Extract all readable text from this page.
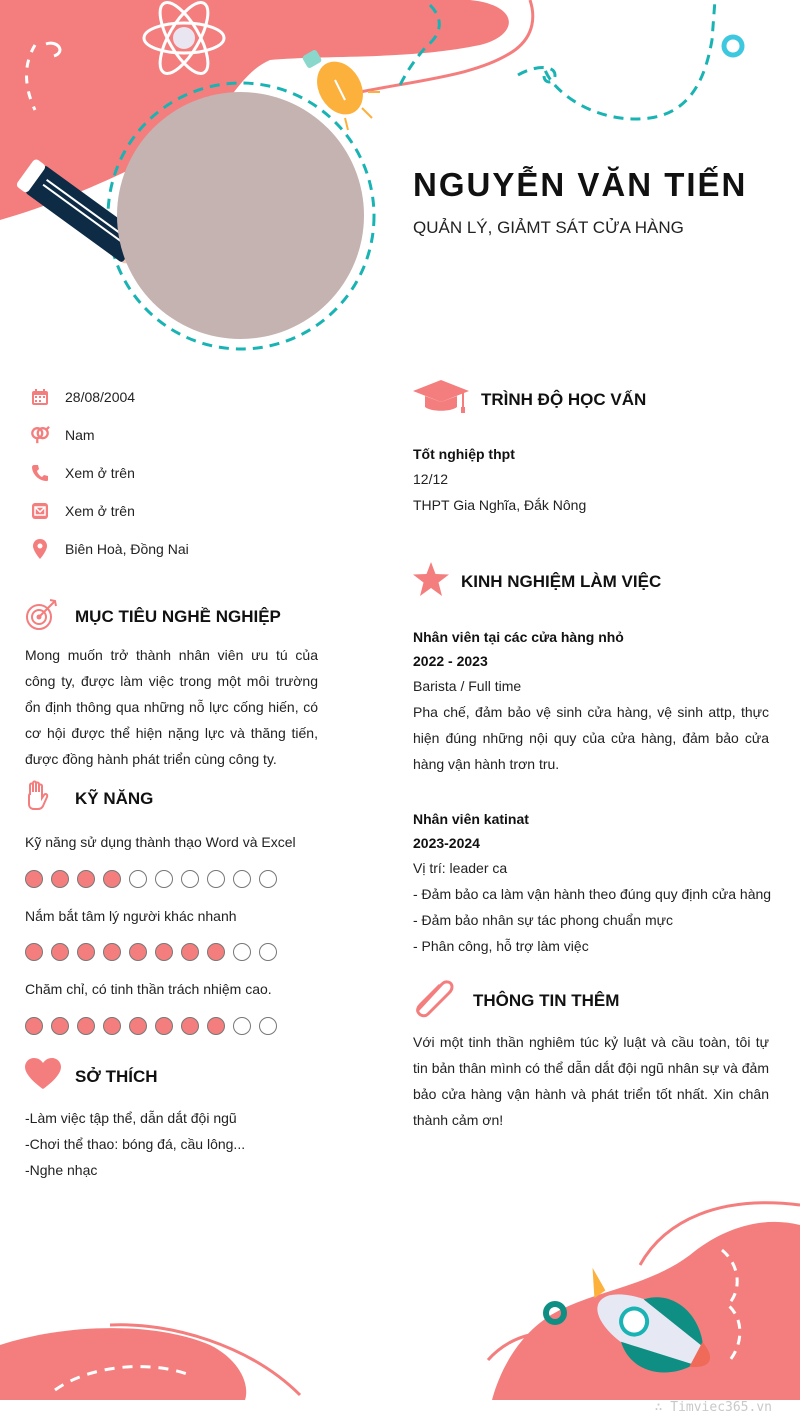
NGUYỄN VĂN TIẾN
QUẢN LÝ, GIẢMT SÁT CỬA HÀNG
28/08/2004
Nam
Xem ở trên
Xem ở trên
Biên Hoà, Đồng Nai
MỤC TIÊU NGHỀ NGHIỆP
Mong muốn trở thành nhân viên ưu tú của công ty, được làm việc trong một môi trường ổn định thông qua những nỗ lực cống hiến, có cơ hội được thể hiện nặng lực và thăng tiến, được đồng hành phát triển cùng công ty.
KỸ NĂNG
Kỹ năng sử dụng thành thạo Word và Excel
Nắm bắt tâm lý người khác nhanh
Chăm chỉ, có tinh thần trách nhiệm cao.
SỞ THÍCH
-Làm việc tập thể, dẫn dắt đội ngũ
-Chơi thể thao: bóng đá, cầu lông...
-Nghe nhạc
TRÌNH ĐỘ HỌC VẤN
Tốt nghiệp thpt
12/12
THPT Gia Nghĩa, Đắk Nông
KINH NGHIỆM LÀM VIỆC
Nhân viên tại các cửa hàng nhỏ
2022 - 2023
Barista / Full time
Pha chế, đảm bảo vệ sinh cửa hàng, vệ sinh attp, thực hiện đúng những nội quy của cửa hàng, đảm bảo cửa hàng vận hành trơn tru.
Nhân viên katinat
2023-2024
Vị trí: leader ca
- Đảm bảo ca làm vận hành theo đúng quy định cửa hàng
- Đảm bảo nhân sự tác phong chuẩn mực
- Phân công, hỗ trợ làm việc
THÔNG TIN THÊM
Với một tinh thần nghiêm túc kỷ luật và cầu toàn, tôi tự tin bản thân mình có thể dẫn dắt đội ngũ nhân sự và đảm bảo cửa hàng vận hành và phát triển tốt nhất. Xin chân thành cảm ơn!
∴ Timviec365.vn
